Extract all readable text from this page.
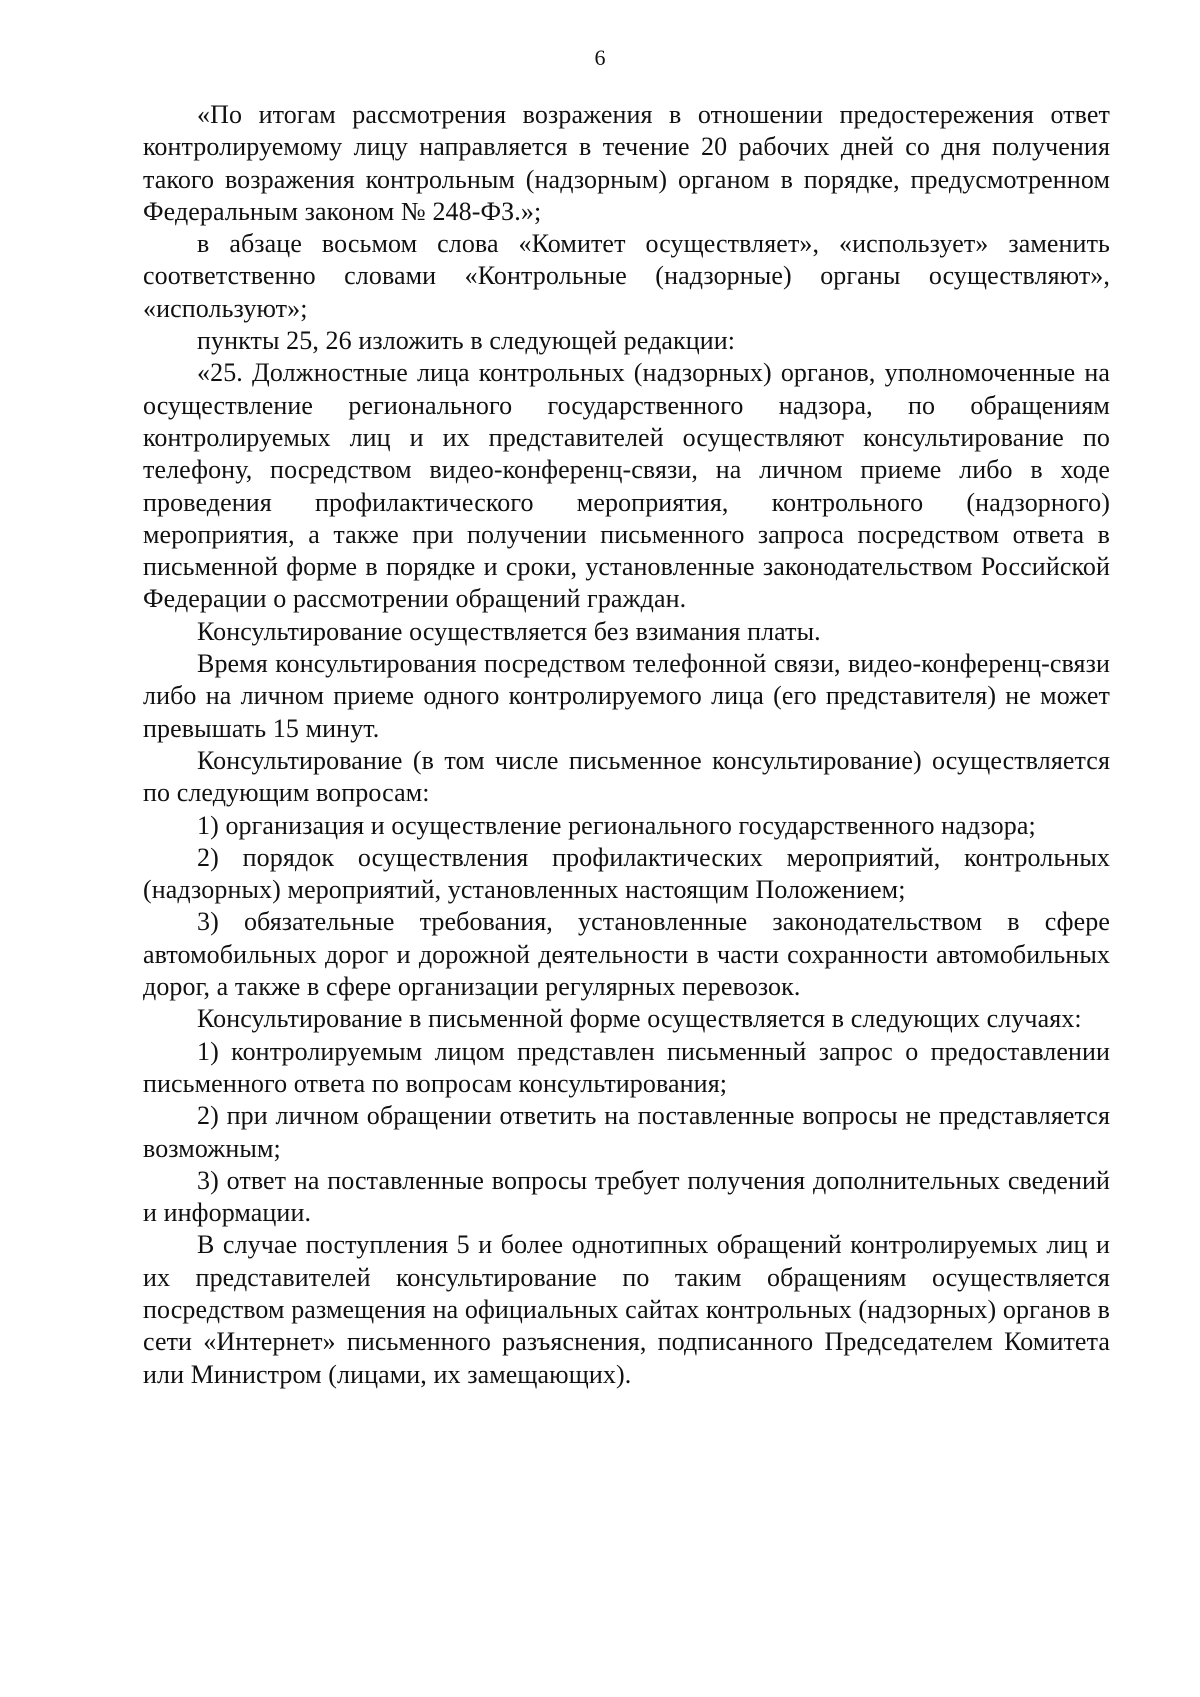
6

«По итогам рассмотрения возражения в отношении предостережения ответ контролируемому лицу направляется в течение 20 рабочих дней со дня получения такого возражения контрольным (надзорным) органом в порядке, предусмотренном Федеральным законом № 248-ФЗ.»;

в абзаце восьмом слова «Комитет осуществляет», «использует» заменить соответственно словами «Контрольные (надзорные) органы осуществляют», «используют»;

пункты 25, 26 изложить в следующей редакции:

«25. Должностные лица контрольных (надзорных) органов, уполномоченные на осуществление регионального государственного надзора, по обращениям контролируемых лиц и их представителей осуществляют консультирование по телефону, посредством видео-конференц-связи, на личном приеме либо в ходе проведения профилактического мероприятия, контрольного (надзорного) мероприятия, а также при получении письменного запроса посредством ответа в письменной форме в порядке и сроки, установленные законодательством Российской Федерации о рассмотрении обращений граждан.

Консультирование осуществляется без взимания платы.

Время консультирования посредством телефонной связи, видео-конференц-связи либо на личном приеме одного контролируемого лица (его представителя) не может превышать 15 минут.

Консультирование (в том числе письменное консультирование) осуществляется по следующим вопросам:

1) организация и осуществление регионального государственного надзора;

2) порядок осуществления профилактических мероприятий, контрольных (надзорных) мероприятий, установленных настоящим Положением;

3) обязательные требования, установленные законодательством в сфере автомобильных дорог и дорожной деятельности в части сохранности автомобильных дорог, а также в сфере организации регулярных перевозок.

Консультирование в письменной форме осуществляется в следующих случаях:

1) контролируемым лицом представлен письменный запрос о предоставлении письменного ответа по вопросам консультирования;

2) при личном обращении ответить на поставленные вопросы не представляется возможным;

3) ответ на поставленные вопросы требует получения дополнительных сведений и информации.

В случае поступления 5 и более однотипных обращений контролируемых лиц и их представителей консультирование по таким обращениям осуществляется посредством размещения на официальных сайтах контрольных (надзорных) органов в сети «Интернет» письменного разъяснения, подписанного Председателем Комитета или Министром (лицами, их замещающих).
